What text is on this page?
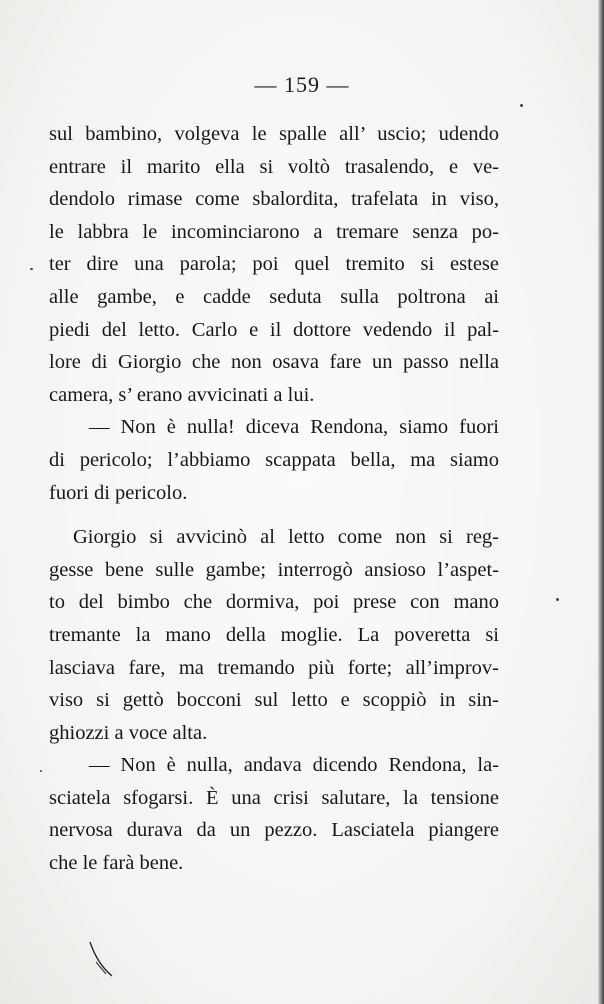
— 159 —
sul bambino, volgeva le spalle all’ uscio; udendo
entrare il marito ella si voltò trasalendo, e ve-
dendolo rimase come sbalordita, trafelata in viso,
le labbra le incominciarono a tremare senza po-
ter dire una parola; poi quel tremito si estese
alle gambe, e cadde seduta sulla poltrona ai
piedi del letto. Carlo e il dottore vedendo il pal-
lore di Giorgio che non osava fare un passo nella
camera, s’ erano avvicinati a lui.
— Non è nulla! diceva Rendona, siamo fuori
di pericolo; l’abbiamo scappata bella, ma siamo
fuori di pericolo.
Giorgio si avvicinò al letto come non si reg-
gesse bene sulle gambe; interrogò ansioso l’aspet-
to del bimbo che dormiva, poi prese con mano
tremante la mano della moglie. La poveretta si
lasciava fare, ma tremando più forte; all’improv-
viso si gettò bocconi sul letto e scoppiò in sin-
ghiozzi a voce alta.
— Non è nulla, andava dicendo Rendona, la-
sciatela sfogarsi. È una crisi salutare, la tensione
nervosa durava da un pezzo. Lasciatela piangere
che le farà bene.
